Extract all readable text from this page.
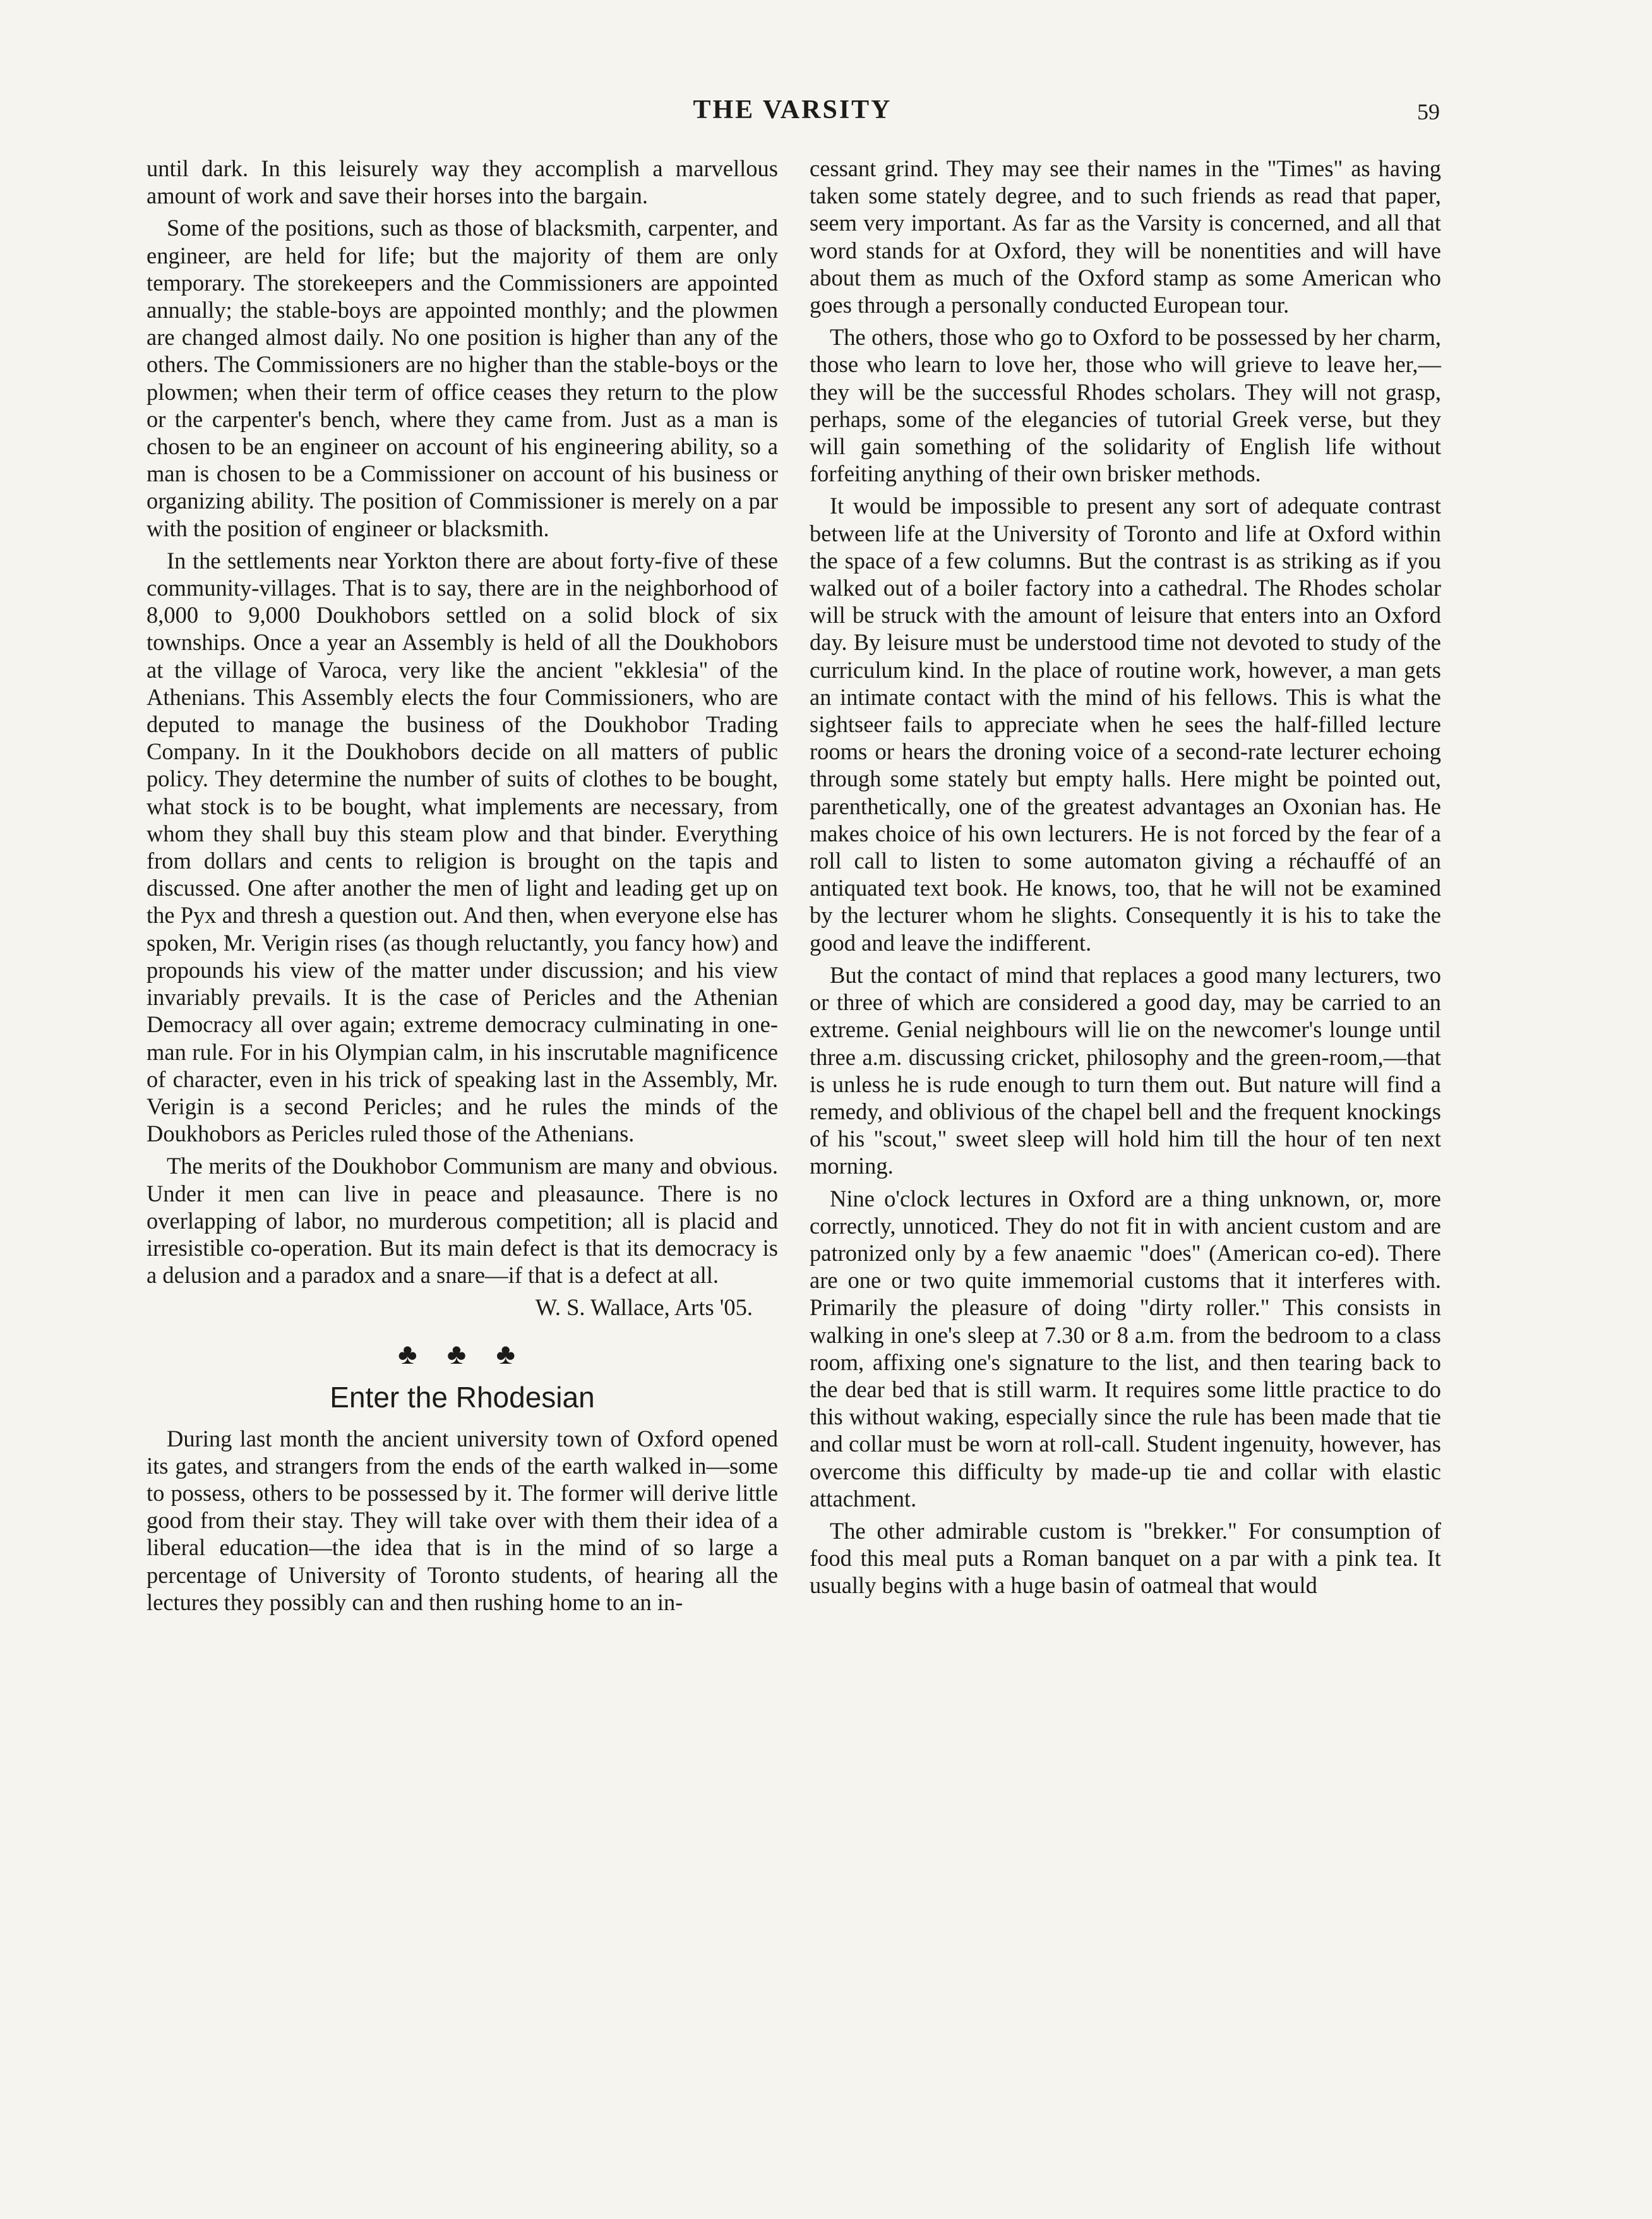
THE VARSITY	59

until dark. In this leisurely way they accomplish a marvellous amount of work and save their horses into the bargain.

Some of the positions, such as those of blacksmith, carpenter, and engineer, are held for life; but the majority of them are only temporary. The storekeepers and the Commissioners are appointed annually; the stable-boys are appointed monthly; and the plowmen are changed almost daily. No one position is higher than any of the others. The Commissioners are no higher than the stable-boys or the plowmen; when their term of office ceases they return to the plow or the carpenter's bench, where they came from. Just as a man is chosen to be an engineer on account of his engineering ability, so a man is chosen to be a Commissioner on account of his business or organizing ability. The position of Commissioner is merely on a par with the position of engineer or blacksmith.

In the settlements near Yorkton there are about forty-five of these community-villages. That is to say, there are in the neighborhood of 8,000 to 9,000 Doukhobors settled on a solid block of six townships. Once a year an Assembly is held of all the Doukhobors at the village of Varoca, very like the ancient "ekklesia" of the Athenians. This Assembly elects the four Commissioners, who are deputed to manage the business of the Doukhobor Trading Company. In it the Doukhobors decide on all matters of public policy. They determine the number of suits of clothes to be bought, what stock is to be bought, what implements are necessary, from whom they shall buy this steam plow and that binder. Everything from dollars and cents to religion is brought on the tapis and discussed. One after another the men of light and leading get up on the Pyx and thresh a question out. And then, when everyone else has spoken, Mr. Verigin rises (as though reluctantly, you fancy how) and propounds his view of the matter under discussion; and his view invariably prevails. It is the case of Pericles and the Athenian Democracy all over again; extreme democracy culminating in one-man rule. For in his Olympian calm, in his inscrutable magnificence of character, even in his trick of speaking last in the Assembly, Mr. Verigin is a second Pericles; and he rules the minds of the Doukhobors as Pericles ruled those of the Athenians.

The merits of the Doukhobor Communism are many and obvious. Under it men can live in peace and pleasaunce. There is no overlapping of labor, no murderous competition; all is placid and irresistible co-operation. But its main defect is that its democracy is a delusion and a paradox and a snare—if that is a defect at all.

W. S. Wallace, Arts '05.

♣ ♣ ♣
Enter the Rhodesian

During last month the ancient university town of Oxford opened its gates, and strangers from the ends of the earth walked in—some to possess, others to be possessed by it. The former will derive little good from their stay. They will take over with them their idea of a liberal education—the idea that is in the mind of so large a percentage of University of Toronto students, of hearing all the lectures they possibly can and then rushing home to an in-

cessant grind. They may see their names in the "Times" as having taken some stately degree, and to such friends as read that paper, seem very important. As far as the Varsity is concerned, and all that word stands for at Oxford, they will be nonentities and will have about them as much of the Oxford stamp as some American who goes through a personally conducted European tour.

The others, those who go to Oxford to be possessed by her charm, those who learn to love her, those who will grieve to leave her,—they will be the successful Rhodes scholars. They will not grasp, perhaps, some of the elegancies of tutorial Greek verse, but they will gain something of the solidarity of English life without forfeiting anything of their own brisker methods.

It would be impossible to present any sort of adequate contrast between life at the University of Toronto and life at Oxford within the space of a few columns. But the contrast is as striking as if you walked out of a boiler factory into a cathedral. The Rhodes scholar will be struck with the amount of leisure that enters into an Oxford day. By leisure must be understood time not devoted to study of the curriculum kind. In the place of routine work, however, a man gets an intimate contact with the mind of his fellows. This is what the sightseer fails to appreciate when he sees the half-filled lecture rooms or hears the droning voice of a second-rate lecturer echoing through some stately but empty halls. Here might be pointed out, parenthetically, one of the greatest advantages an Oxonian has. He makes choice of his own lecturers. He is not forced by the fear of a roll call to listen to some automaton giving a réchauffé of an antiquated text book. He knows, too, that he will not be examined by the lecturer whom he slights. Consequently it is his to take the good and leave the indifferent.

But the contact of mind that replaces a good many lecturers, two or three of which are considered a good day, may be carried to an extreme. Genial neighbours will lie on the newcomer's lounge until three a.m. discussing cricket, philosophy and the green-room,—that is unless he is rude enough to turn them out. But nature will find a remedy, and oblivious of the chapel bell and the frequent knockings of his "scout," sweet sleep will hold him till the hour of ten next morning.

Nine o'clock lectures in Oxford are a thing unknown, or, more correctly, unnoticed. They do not fit in with ancient custom and are patronized only by a few anaemic "does" (American co-ed). There are one or two quite immemorial customs that it interferes with. Primarily the pleasure of doing "dirty roller." This consists in walking in one's sleep at 7.30 or 8 a.m. from the bedroom to a class room, affixing one's signature to the list, and then tearing back to the dear bed that is still warm. It requires some little practice to do this without waking, especially since the rule has been made that tie and collar must be worn at roll-call. Student ingenuity, however, has overcome this difficulty by made-up tie and collar with elastic attachment.

The other admirable custom is "brekker." For consumption of food this meal puts a Roman banquet on a par with a pink tea. It usually begins with a huge basin of oatmeal that would
